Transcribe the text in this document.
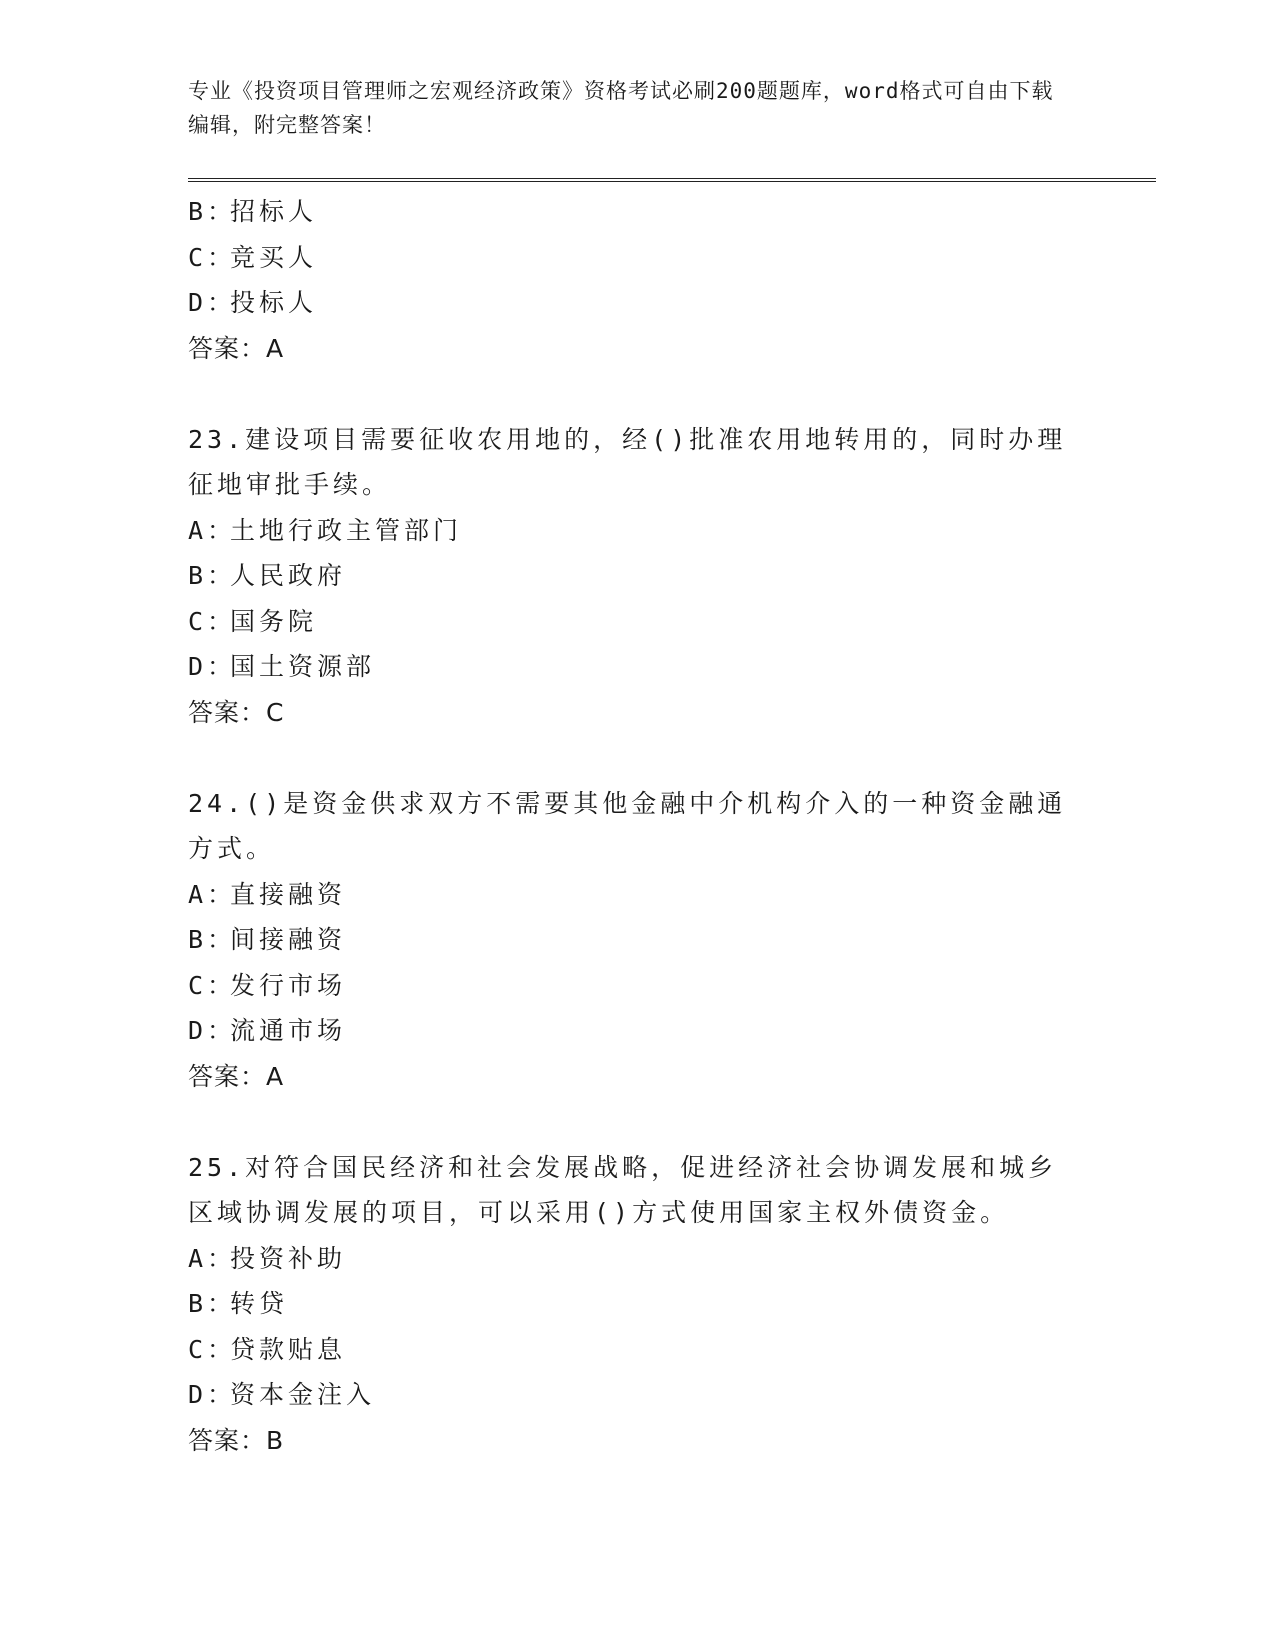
专业《投资项目管理师之宏观经济政策》资格考试必刷200题题库，word格式可自由下载编辑，附完整答案！
B：招标人
C：竞买人
D：投标人
答案：A
23.建设项目需要征收农用地的，经()批准农用地转用的，同时办理征地审批手续。
A：土地行政主管部门
B：人民政府
C：国务院
D：国土资源部
答案：C
24.()是资金供求双方不需要其他金融中介机构介入的一种资金融通方式。
A：直接融资
B：间接融资
C：发行市场
D：流通市场
答案：A
25.对符合国民经济和社会发展战略，促进经济社会协调发展和城乡区域协调发展的项目，可以采用()方式使用国家主权外债资金。
A：投资补助
B：转贷
C：贷款贴息
D：资本金注入
答案：B
